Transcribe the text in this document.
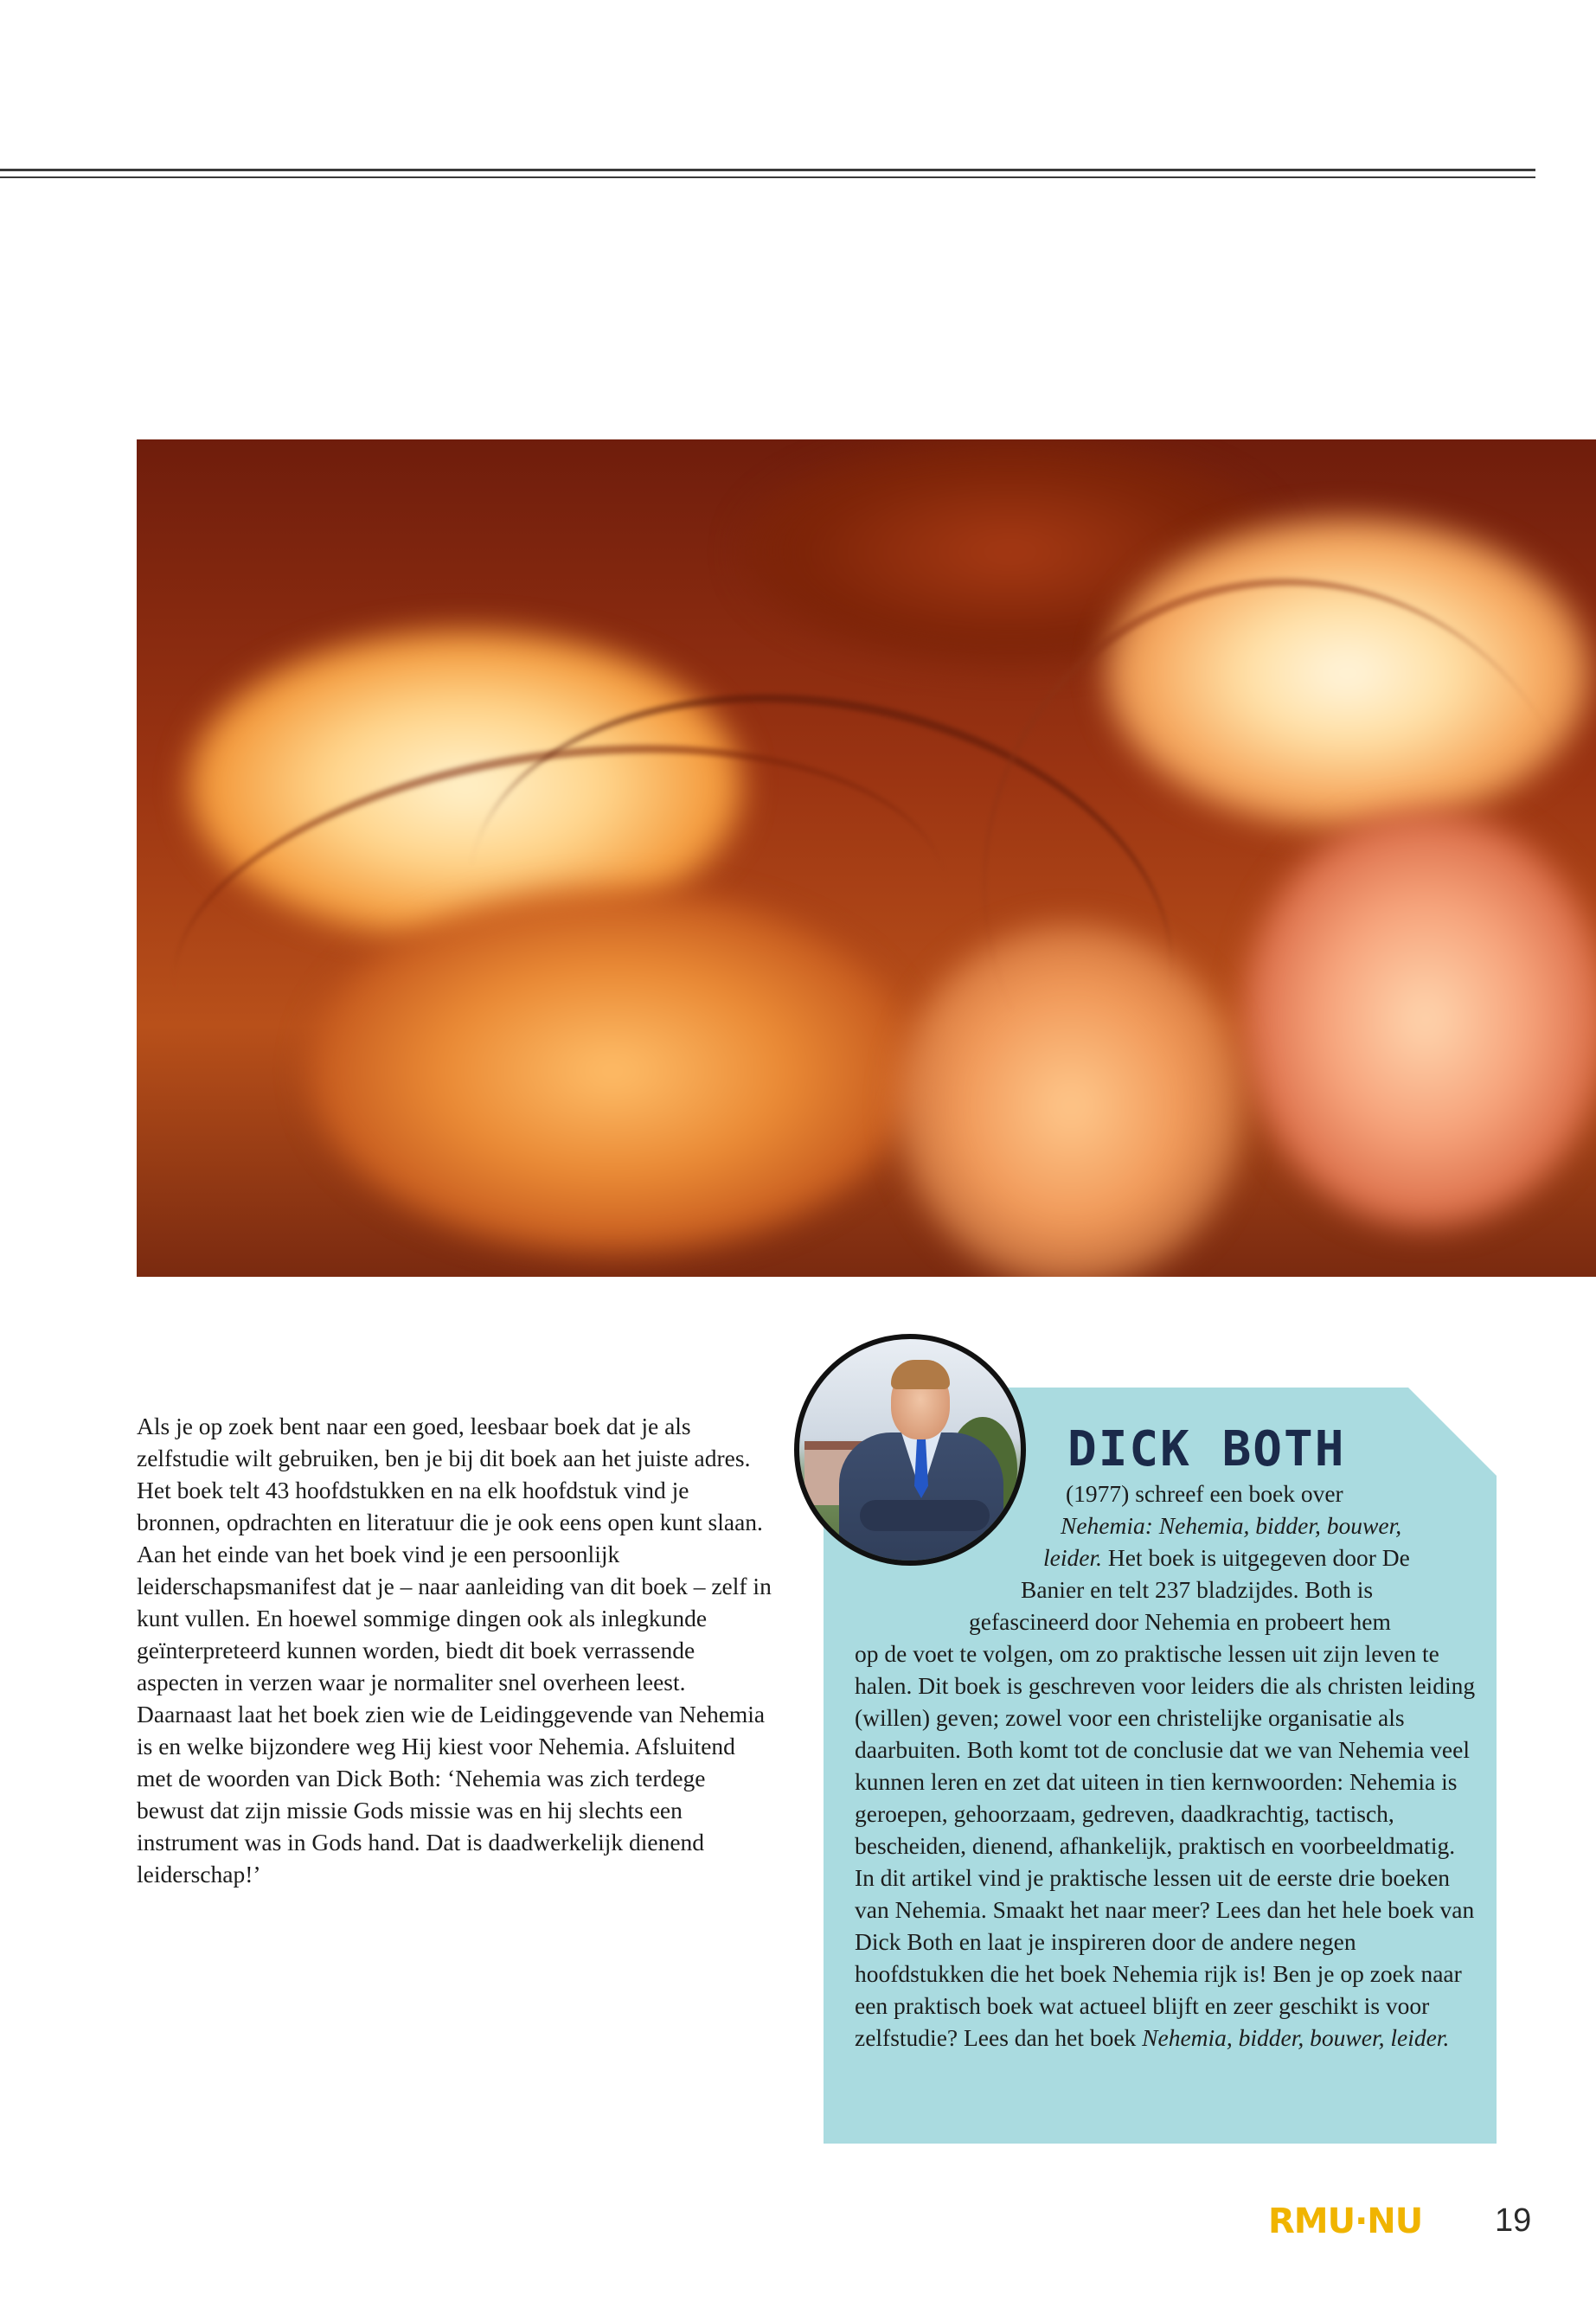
Als je op zoek bent naar een goed, leesbaar boek dat je als zelfstudie wilt gebruiken, ben je bij dit boek aan het juiste adres. Het boek telt 43 hoofdstukken en na elk hoofdstuk vind je bronnen, opdrachten en literatuur die je ook eens open kunt slaan. Aan het einde van het boek vind je een persoonlijk leiderschapsmanifest dat je – naar aanleiding van dit boek – zelf in kunt vullen. En hoewel sommige dingen ook als inlegkunde geïnterpreteerd kunnen worden, biedt dit boek verrassende aspecten in verzen waar je normaliter snel overheen leest. Daarnaast laat het boek zien wie de Leidinggevende van Nehemia is en welke bijzondere weg Hij kiest voor Nehemia. Afsluitend met de woorden van Dick Both: ‘Nehemia was zich terdege bewust dat zijn missie Gods missie was en hij slechts een instrument was in Gods hand. Dat is daadwerkelijk dienend leiderschap!’
DICK BOTH
(1977) schreef een boek over
Nehemia: Nehemia, bidder, bouwer,
leider. Het boek is uitgegeven door De
Banier en telt 237 bladzijdes. Both is
gefascineerd door Nehemia en probeert hem
op de voet te volgen, om zo praktische lessen uit zijn leven te halen. Dit boek is geschreven voor leiders die als christen leiding (willen) geven; zowel voor een christelijke organisatie als daarbuiten. Both komt tot de conclusie dat we van Nehemia veel kunnen leren en zet dat uiteen in tien kernwoorden: Nehemia is geroepen, gehoorzaam, gedreven, daadkrachtig, tactisch, bescheiden, dienend, afhankelijk, praktisch en voorbeeldmatig. In dit artikel vind je praktische lessen uit de eerste drie boeken van Nehemia. Smaakt het naar meer? Lees dan het hele boek van Dick Both en laat je inspireren door de andere negen hoofdstukken die het boek Nehemia rijk is! Ben je op zoek naar een praktisch boek wat actueel blijft en zeer geschikt is voor zelfstudie? Lees dan het boek Nehemia, bidder, bouwer, leider.
RMU·NU 19
